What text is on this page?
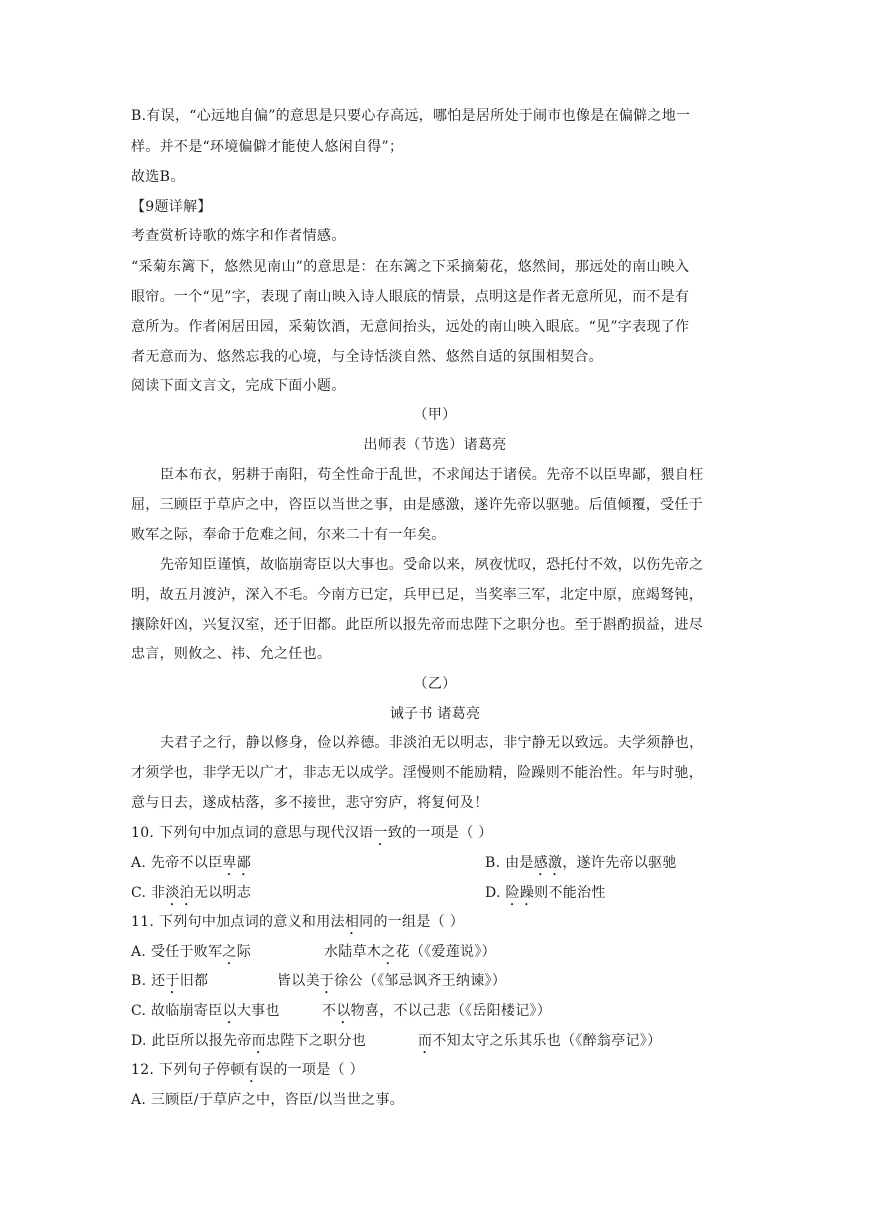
B.有误，“心远地自偏”的意思是只要心存高远，哪怕是居所处于闹市也像是在偏僻之地一
样。并不是“环境偏僻才能使人悠闲自得”；
故选B。
【9题详解】
考查赏析诗歌的炼字和作者情感。
“采菊东篱下，悠然见南山”的意思是：在东篱之下采摘菊花，悠然间，那远处的南山映入
眼帘。一个“见”字，表现了南山映入诗人眼底的情景，点明这是作者无意所见，而不是有
意所为。作者闲居田园，采菊饮酒，无意间抬头，远处的南山映入眼底。“见”字表现了作
者无意而为、悠然忘我的心境，与全诗恬淡自然、悠然自适的氛围相契合。
阅读下面文言文，完成下面小题。
（甲）
出师表（节选）诸葛亮
臣本布衣，躬耕于南阳，苟全性命于乱世，不求闻达于诸侯。先帝不以臣卑鄙，猥自枉
屈，三顾臣于草庐之中，咨臣以当世之事，由是感激，遂许先帝以驱驰。后值倾覆，受任于
败军之际，奉命于危难之间，尔来二十有一年矣。
先帝知臣谨慎，故临崩寄臣以大事也。受命以来，夙夜忧叹，恐托付不效，以伤先帝之
明，故五月渡泸，深入不毛。今南方已定，兵甲已足，当奖率三军，北定中原，庶竭驽钝，
攘除奸凶，兴复汉室，还于旧都。此臣所以报先帝而忠陛下之职分也。至于斟酌损益，进尽
忠言，则攸之、祎、允之任也。
（乙）
诫子书 诸葛亮
夫君子之行，静以修身，俭以养德。非淡泊无以明志，非宁静无以致远。夫学须静也，
才须学也，非学无以广才，非志无以成学。淫慢则不能励精，险躁则不能治性。年与时驰，
意与日去，遂成枯落，多不接世，悲守穷庐，将复何及！
10. 下列句中加点词的意思与现代汉语一致的一项是（ ）
A. 先帝不以臣卑鄙	B. 由是感激，遂许先帝以驱驰
C. 非淡泊无以明志	D. 险躁则不能治性
11. 下列句中加点词的意义和用法相同的一组是（ ）
A. 受任于败军之际	水陆草木之花（《爱莲说》）
B. 还于旧都	皆以美于徐公（《邹忌讽齐王纳谏》）
C. 故临崩寄臣以大事也	不以物喜，不以己悲（《岳阳楼记》）
D. 此臣所以报先帝而忠陛下之职分也	而不知太守之乐其乐也（《醉翁亭记》）
12. 下列句子停顿有误的一项是（ ）
A. 三顾臣/于草庐之中，咨臣/以当世之事。
